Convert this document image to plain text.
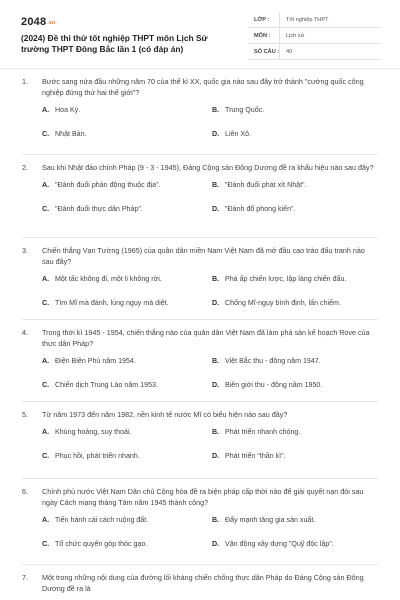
2048.vn
(2024) Đề thi thử tốt nghiệp THPT môn Lịch Sử trường THPT Đông Bắc lần 1 (có đáp án)
LỚP :	Tốt nghiệp THPT
MÔN :	Lịch sử
SỐ CÂU : 40
1. Bước sang nửa đầu những năm 70 của thế kỉ XX, quốc gia nào sau đây trở thành "cường quốc công nghiệp đứng thứ hai thế giới"?
A. Hoa Kỳ.	B. Trung Quốc.
C. Nhật Bản.	D. Liên Xô.
2. Sau khi Nhật đảo chính Pháp (9 - 3 - 1945), Đảng Cộng sản Đông Dương đề ra khẩu hiệu nào sau đây?
A. "Đánh đuổi phản động thuộc địa".	B. "Đánh đuổi phát xít Nhật".
C. "Đánh đuổi thực dân Pháp".	D. "Đánh đổ phong kiến".
3. Chiến thắng Vạn Tường (1965) của quân dân miền Nam Việt Nam đã mở đầu cao trào đấu tranh nào sau đây?
A. Một tấc không đi, một li không rời.	B. Phá ấp chiến lược, lập làng chiến đấu.
C. Tìm Mĩ mà đánh, lùng ngụy mà diệt.	D. Chống Mĩ-ngụy bình định, lấn chiếm.
4. Trong thời kì 1945 - 1954, chiến thắng nào của quân dân Việt Nam đã làm phá sản kế hoạch Rove của thực dân Pháp?
A. Điện Biên Phủ năm 1954.	B. Việt Bắc thu - đông năm 1947.
C. Chiến dịch Trung Lào năm 1953.	D. Biên giới thu - đông năm 1950.
5. Từ năm 1973 đến năm 1982, nền kinh tế nước Mĩ có biểu hiện nào sau đây?
A. Khủng hoảng, suy thoái.	B. Phát triển nhanh chóng.
C. Phục hồi, phát triển nhanh.	D. Phát triển "thần kì".
6. Chính phủ nước Việt Nam Dân chủ Cộng hòa đề ra biện pháp cấp thời nào để giải quyết nạn đói sau ngày Cách mạng tháng Tám năm 1945 thành công?
A. Tiến hành cải cách ruộng đất.	B. Đẩy mạnh tăng gia sản xuất.
C. Tổ chức quyên góp thóc gạo.	D. Vận động xây dựng "Quỹ độc lập".
7. Một trong những nội dung của đường lối kháng chiến chống thực dân Pháp do Đảng Cộng sản Đông Dương đề ra là
